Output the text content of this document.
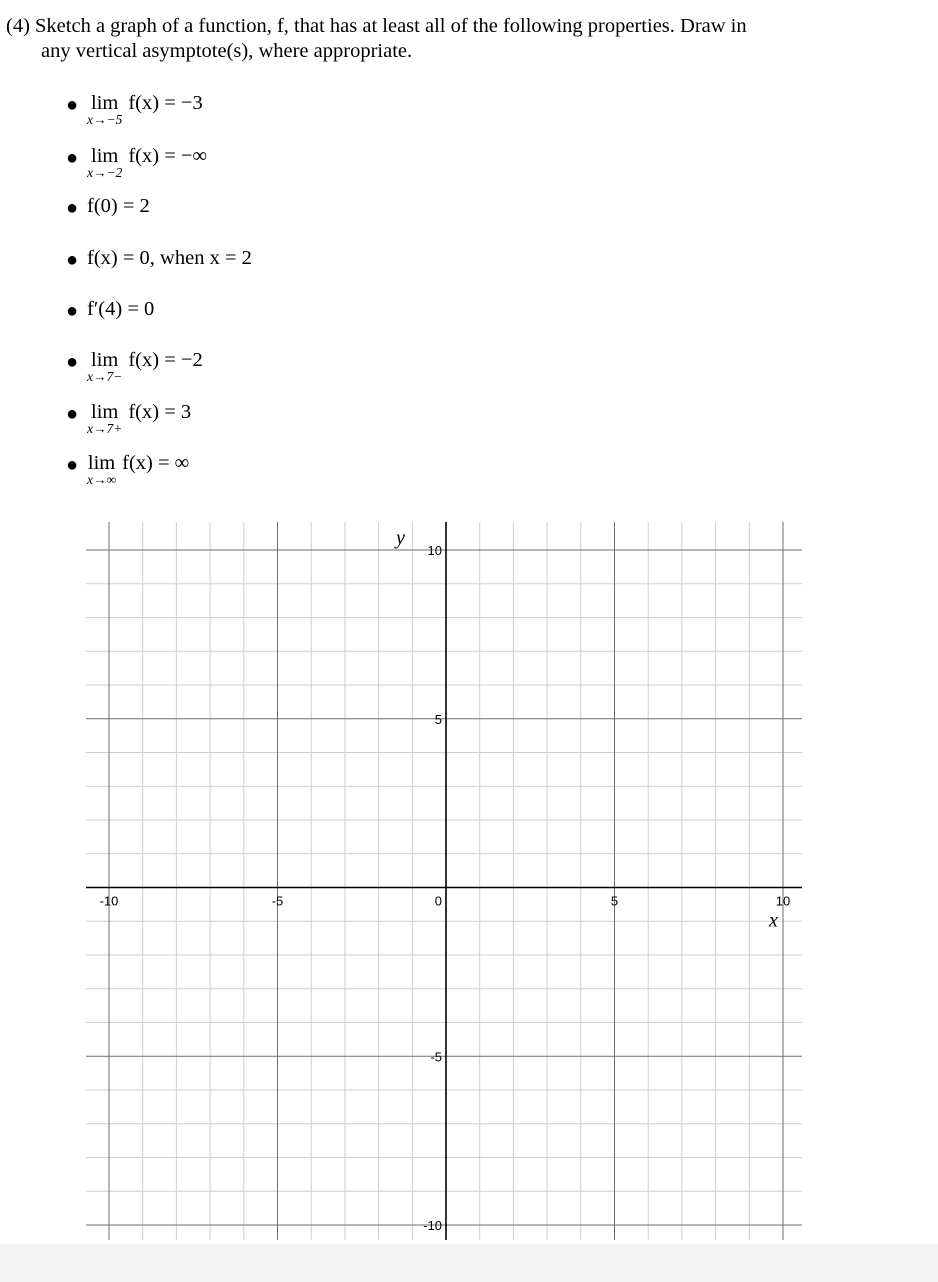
(4) Sketch a graph of a function, f, that has at least all of the following properties. Draw in
any vertical asymptote(s), where appropriate.
● lim
x→−5
f(x) = −3
● lim
x→−2
f(x) = −∞
● f(0) = 2
● f(x) = 0, when x = 2
● f′(4) = 0
● lim
x→7−
f(x) = −2
● lim
x→7+
f(x) = 3
● lim
x→∞
f(x) = ∞
-10	-5	5	10
10
5
0
-5
-10
y
x
